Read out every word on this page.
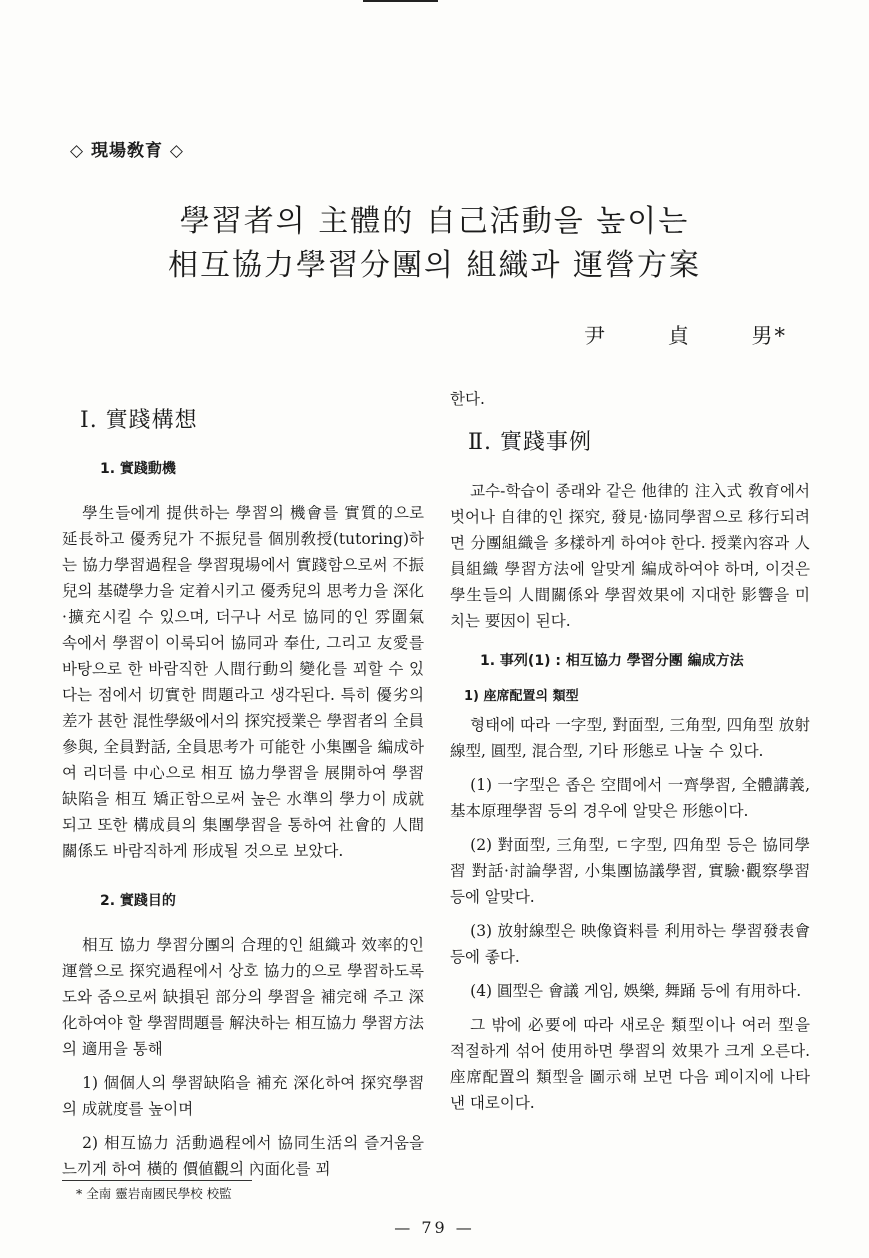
◇ 現場敎育 ◇
學習者의 主體的 自己活動을 높이는
相互協力學習分團의 組織과 運營方案
尹 貞 男*
Ⅰ. 實踐構想
1. 實踐動機

學生들에게 提供하는 學習의 機會를 實質的으로 延長하고 優秀兒가 不振兒를 個別敎授(tutoring)하는 協力學習過程을 學習現場에서 實踐함으로써 不振兒의 基礎學力을 定着시키고 優秀兒의 思考力을 深化·擴充시킬 수 있으며, 더구나 서로 協同的인 雰圍氣 속에서 學習이 이룩되어 協同과 奉仕, 그리고 友愛를 바탕으로 한 바람직한 人間行動의 變化를 꾀할 수 있다는 점에서 切實한 問題라고 생각된다. 특히 優劣의 差가 甚한 混性學級에서의 探究授業은 學習者의 全員參與, 全員對話, 全員思考가 可能한 小集團을 編成하여 리더를 中心으로 相互 協力學習을 展開하여 學習缺陷을 相互 矯正함으로써 높은 水準의 學力이 成就되고 또한 構成員의 集團學習을 통하여 社會的 人間關係도 바람직하게 形成될 것으로 보았다.

2. 實踐目的

相互 協力 學習分團의 合理的인 組織과 效率的인 運營으로 探究過程에서 상호 協力的으로 學習하도록 도와 줌으로써 缺損된 部分의 學習을 補完해 주고 深化하여야 할 學習問題를 解決하는 相互協力 學習方法의 適用을 통해

1) 個個人의 學習缺陷을 補充 深化하여 探究學習의 成就度를 높이며

2) 相互協力 活動過程에서 協同生活의 즐거움을 느끼게 하여 橫的 價値觀의 內面化를 꾀

한다.

Ⅱ. 實踐事例

교수-학습이 종래와 같은 他律的 注入式 敎育에서 벗어나 自律的인 探究, 發見·協同學習으로 移行되려면 分團組織을 多樣하게 하여야 한다. 授業內容과 人員組織 學習方法에 알맞게 編成하여야 하며, 이것은 學生들의 人間關係와 學習效果에 지대한 影響을 미치는 要因이 된다.

1. 事列(1) : 相互協力 學習分團 編成方法
1) 座席配置의 類型

형태에 따라 一字型, 對面型, 三角型, 四角型 放射線型, 圓型, 混合型, 기타 形態로 나눌 수 있다.

(1) 一字型은 좁은 空間에서 一齊學習, 全體講義, 基本原理學習 등의 경우에 알맞은 形態이다.

(2) 對面型, 三角型, ㄷ字型, 四角型 등은 協同學習 對話·討論學習, 小集團協議學習, 實驗·觀察學習 등에 알맞다.

(3) 放射線型은 映像資料를 利用하는 學習發表會 등에 좋다.

(4) 圓型은 會議 게임, 娛樂, 舞踊 등에 有用하다.

그 밖에 必要에 따라 새로운 類型이나 여러 型을 적절하게 섞어 使用하면 學習의 效果가 크게 오른다. 座席配置의 類型을 圖示해 보면 다음 페이지에 나타낸 대로이다.

* 全南 靈岩南國民學校 校監
— 79 —
